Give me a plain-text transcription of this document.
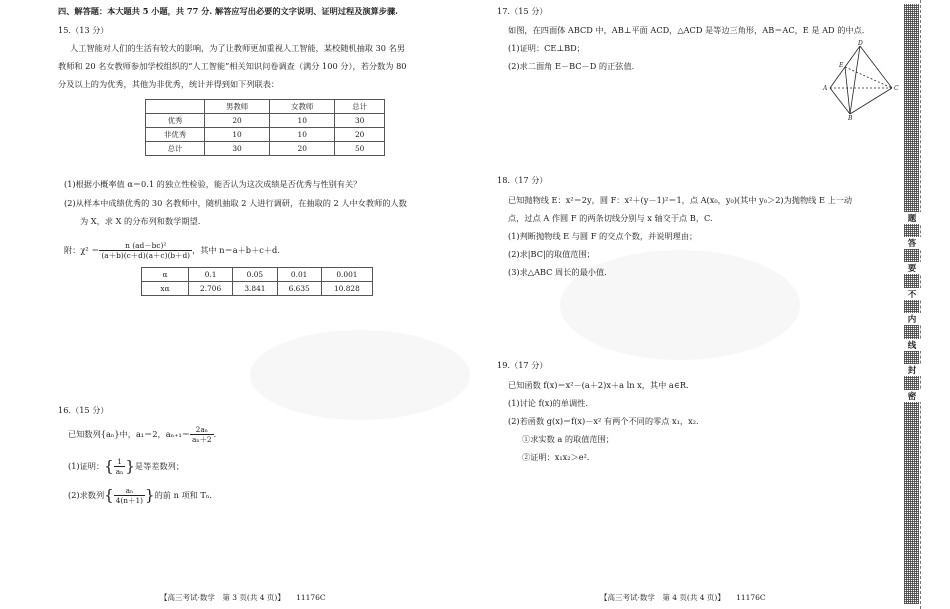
四、解答题：本大题共 5 小题，共 77 分. 解答应写出必要的文字说明、证明过程及演算步骤.
15.（13 分）
人工智能对人们的生活有较大的影响，为了让教师更加重视人工智能，某校随机抽取 30 名男
教师和 20 名女教师参加学校组织的“人工智能”相关知识问卷调查（满分 100 分），若分数为 80
分及以上的为优秀，其他为非优秀，统计并得到如下列联表：
	男教师	女教师	总计
优秀	20	10	30
非优秀	10	10	20
总计	30	20	50
(1)根据小概率值 α＝0.1 的独立性检验，能否认为这次成绩是否优秀与性别有关？
(2)从样本中成绩优秀的 30 名教师中，随机抽取 2 人进行调研，在抽取的 2 人中女教师的人数
为 X，求 X 的分布列和数学期望.
附：$\chi^2 = \frac{\text{n (ad－bc)²}}{(a+b)(c+d)(a+c)(b+d)}$ ，其中 n＝a＋b＋c＋d.
α	0.1	0.05	0.01	0.001
xα	2.706	3.841	6.635	10.828
16.（15 分）
已知数列{aₙ}中，a₁＝2，$a_{n+1}= \frac{\text{2aₙ}}{\text{aₙ＋2}}$ .
(1)证明： { $\frac{1}{\text{aₙ}}$ } 是等差数列；
(2)求数列 { $\frac{\text{aₙ}}{4(n+1)}$ } 的前 n 项和 Tₙ.
【高三考试·数学　第 3 页(共 4 页)】　　11176C
17.（15 分）
如图，在四面体 ABCD 中，AB⊥平面 ACD，△ACD 是等边三角形，AB＝AC，E 是 AD 的中点.
(1)证明：CE⊥BD；
(2)求二面角 E－BC－D 的正弦值.
D
E
A	C
B
18.（17 分）
已知抛物线 E：x²＝2y，圆 F：x²＋(y－1)²＝1，点 A(x₀，y₀)(其中 y₀＞2)为抛物线 E 上一动
点，过点 A 作圆 F 的两条切线分别与 x 轴交于点 B，C.
(1)判断抛物线 E 与圆 F 的交点个数，并说明理由；
(2)求|BC|的取值范围；
(3)求△ABC 周长的最小值.
19.（17 分）
已知函数 f(x)＝x²－(a＋2)x＋a ln x，其中 a∈R.
(1)讨论 f(x)的单调性.
(2)若函数 g(x)＝f(x)－x² 有两个不同的零点 x₁，x₂.
①求实数 a 的取值范围；
②证明：x₁x₂＞e².
【高三考试·数学　第 4 页(共 4 页)】　　11176C
题
答
要
不
内
线
封
密
